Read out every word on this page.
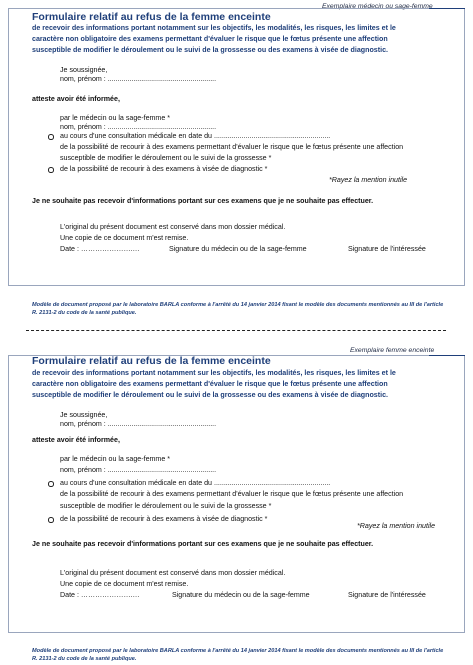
Exemplaire médecin ou sage-femme
Formulaire relatif au refus de la femme enceinte
de recevoir des informations portant notamment sur les objectifs, les modalités, les risques, les limites et le
caractère non obligatoire des examens permettant d'évaluer le risque que le fœtus présente une affection
susceptible de modifier le déroulement ou le suivi de la grossesse ou des examens à visée de diagnostic.
Je soussignée,
nom, prénom : .......................................................
atteste avoir été informée,
par le médecin ou la sage-femme *
nom, prénom : .......................................................
au cours d'une consultation médicale en date du ...........................................................
de la possibilité de recourir à des examens permettant d'évaluer le risque que le fœtus présente une affection
susceptible de modifier le déroulement ou le suivi de la grossesse *
de la possibilité de recourir à des examens à visée de diagnostic *
*Rayez la mention inutile
Je ne souhaite pas recevoir d'informations portant sur ces examens que je ne souhaite pas effectuer.
L'original du présent document est conservé dans mon dossier médical.
Une copie de ce document m'est remise.
Date : ………………….…	Signature du médecin ou de la sage-femme	Signature de l'intéressée
Modèle de document proposé par le laboratoire BARLA conforme à l'arrêté du 14 janvier 2014 fixant le modèle des documents mentionnés au III de l'article
R. 2131-2 du code de la santé publique.
Exemplaire femme enceinte
Formulaire relatif au refus de la femme enceinte
de recevoir des informations portant notamment sur les objectifs, les modalités, les risques, les limites et le
caractère non obligatoire des examens permettant d'évaluer le risque que le fœtus présente une affection
susceptible de modifier le déroulement ou le suivi de la grossesse ou des examens à visée de diagnostic.
Je soussignée,
nom, prénom : .......................................................
atteste avoir été informée,
par le médecin ou la sage-femme *
nom, prénom : .......................................................
au cours d'une consultation médicale en date du ...........................................................
de la possibilité de recourir à des examens permettant d'évaluer le risque que le fœtus présente une affection
susceptible de modifier le déroulement ou le suivi de la grossesse *
de la possibilité de recourir à des examens à visée de diagnostic *
*Rayez la mention inutile
Je ne souhaite pas recevoir d'informations portant sur ces examens que je ne souhaite pas effectuer.
L'original du présent document est conservé dans mon dossier médical.
Une copie de ce document m'est remise.
Date : ………………….…	Signature du médecin ou de la sage-femme	Signature de l'intéressée
Modèle de document proposé par le laboratoire BARLA conforme à l'arrêté du 14 janvier 2014 fixant le modèle des documents mentionnés au III de l'article
R. 2131-2 du code de la santé publique.
